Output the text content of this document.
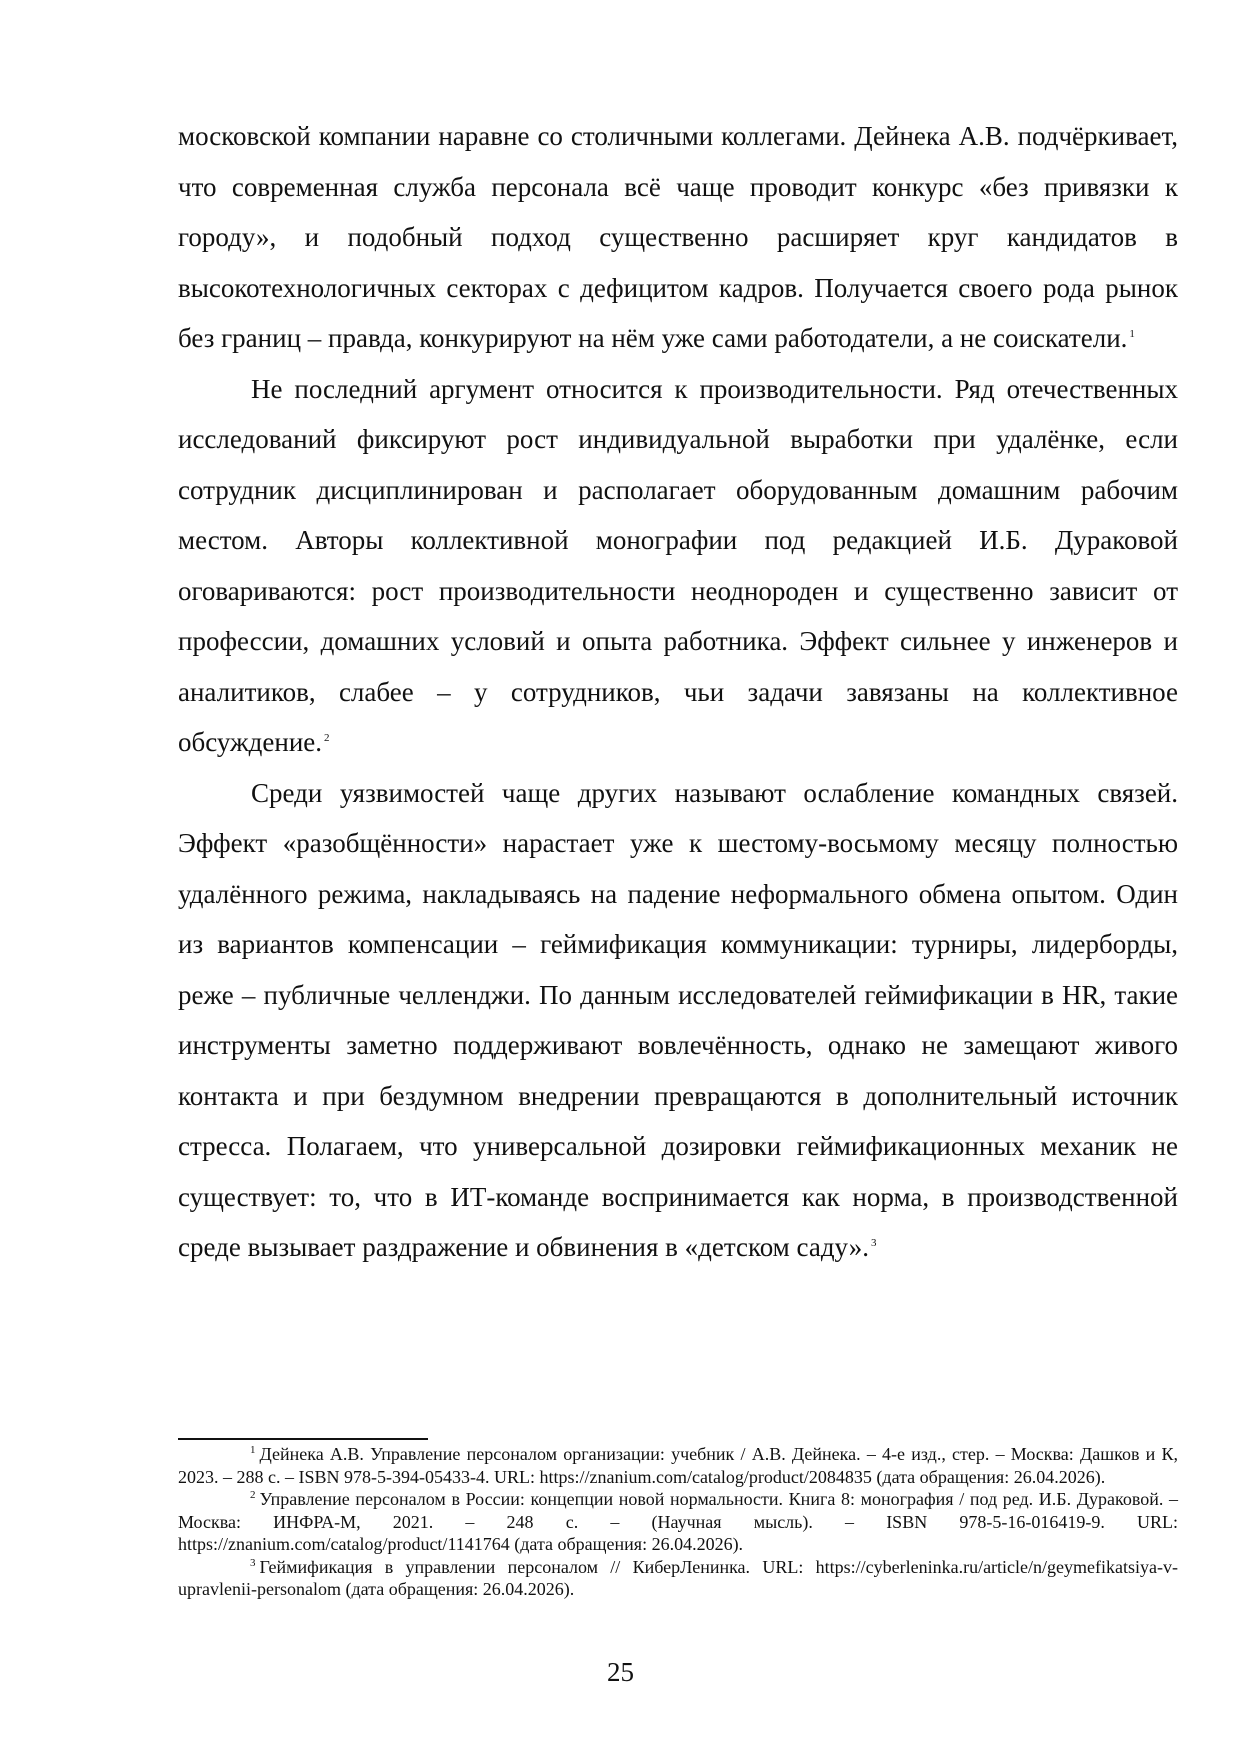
московской компании наравне со столичными коллегами. Дейнека А.В. подчёркивает, что современная служба персонала всё чаще проводит конкурс «без привязки к городу», и подобный подход существенно расширяет круг кандидатов в высокотехнологичных секторах с дефицитом кадров. Получается своего рода рынок без границ – правда, конкурируют на нём уже сами работодатели, а не соискатели. $^1$

Не последний аргумент относится к производительности. Ряд отечественных исследований фиксируют рост индивидуальной выработки при удалёнке, если сотрудник дисциплинирован и располагает оборудованным домашним рабочим местом. Авторы коллективной монографии под редакцией И.Б. Дураковой оговариваются: рост производительности неоднороден и существенно зависит от профессии, домашних условий и опыта работника. Эффект сильнее у инженеров и аналитиков, слабее – у сотрудников, чьи задачи завязаны на коллективное обсуждение. $^2$

Среди уязвимостей чаще других называют ослабление командных связей. Эффект «разобщённости» нарастает уже к шестому-восьмому месяцу полностью удалённого режима, накладываясь на падение неформального обмена опытом. Один из вариантов компенсации – геймификация коммуникации: турниры, лидерборды, реже – публичные челленджи. По данным исследователей геймификации в HR, такие инструменты заметно поддерживают вовлечённость, однако не замещают живого контакта и при бездумном внедрении превращаются в дополнительный источник стресса. Полагаем, что универсальной дозировки геймификационных механик не существует: то, что в ИТ-команде воспринимается как норма, в производственной среде вызывает раздражение и обвинения в «детском саду». $^3$

$^1$ Дейнека А.В. Управление персоналом организации: учебник / А.В. Дейнека. – 4-е изд., стер. – Москва: Дашков и К, 2023. – 288 с. – ISBN 978-5-394-05433-4. URL: https://znanium.com/catalog/product/2084835 (дата обращения: 26.04.2026).

$^2$ Управление персоналом в России: концепции новой нормальности. Книга 8: монография / под ред. И.Б. Дураковой. – Москва: ИНФРА-М, 2021. – 248 с. – (Научная мысль). – ISBN 978-5-16-016419-9. URL: https://znanium.com/catalog/product/1141764 (дата обращения: 26.04.2026).

$^3$ Геймификация в управлении персоналом // КиберЛенинка. URL: https://cyberleninka.ru/article/n/geymefikatsiya-v-upravlenii-personalom (дата обращения: 26.04.2026).

25
